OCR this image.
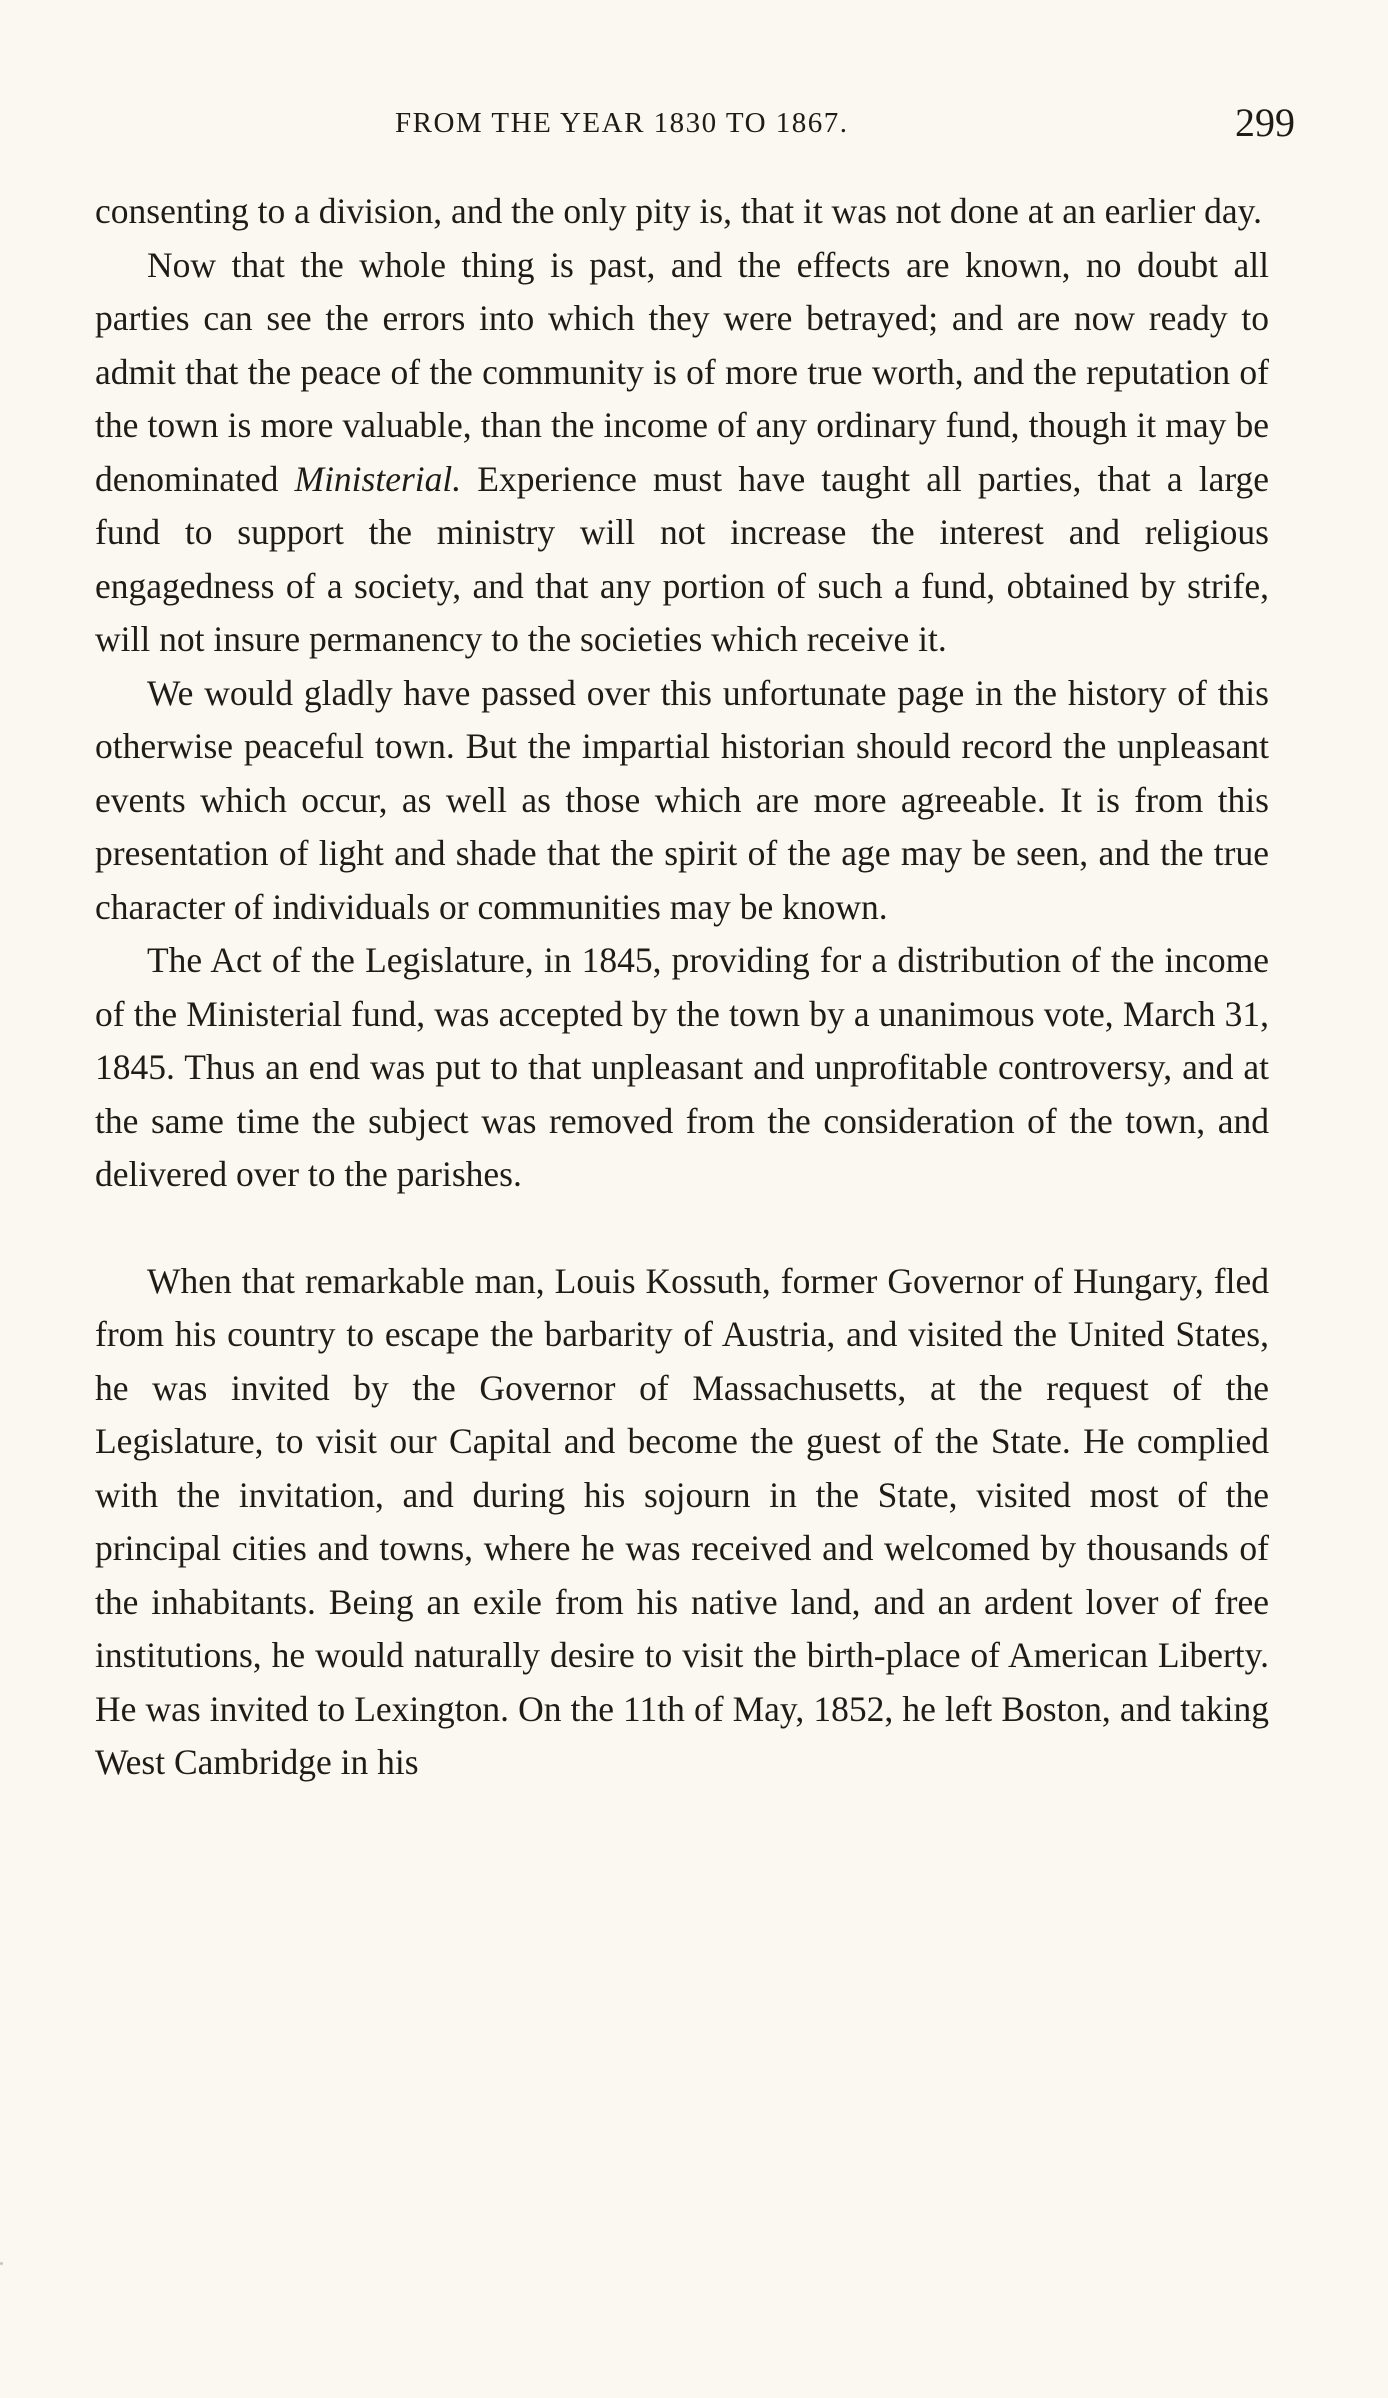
FROM THE YEAR 1830 TO 1867.	299

consenting to a division, and the only pity is, that it was not done at an earlier day.

Now that the whole thing is past, and the effects are known, no doubt all parties can see the errors into which they were betrayed; and are now ready to admit that the peace of the community is of more true worth, and the reputation of the town is more valuable, than the income of any ordinary fund, though it may be denominated Ministerial. Experience must have taught all parties, that a large fund to support the ministry will not increase the interest and religious engagedness of a society, and that any portion of such a fund, obtained by strife, will not insure permanency to the societies which receive it.

We would gladly have passed over this unfortunate page in the history of this otherwise peaceful town. But the impartial historian should record the unpleasant events which occur, as well as those which are more agreeable. It is from this presentation of light and shade that the spirit of the age may be seen, and the true character of individuals or communities may be known.

The Act of the Legislature, in 1845, providing for a distribution of the income of the Ministerial fund, was accepted by the town by a unanimous vote, March 31, 1845. Thus an end was put to that unpleasant and unprofitable controversy, and at the same time the subject was removed from the consideration of the town, and delivered over to the parishes.

When that remarkable man, Louis Kossuth, former Governor of Hungary, fled from his country to escape the barbarity of Austria, and visited the United States, he was invited by the Governor of Massachusetts, at the request of the Legislature, to visit our Capital and become the guest of the State. He complied with the invitation, and during his sojourn in the State, visited most of the principal cities and towns, where he was received and welcomed by thousands of the inhabitants. Being an exile from his native land, and an ardent lover of free institutions, he would naturally desire to visit the birth-place of American Liberty. He was invited to Lexington. On the 11th of May, 1852, he left Boston, and taking West Cambridge in his
